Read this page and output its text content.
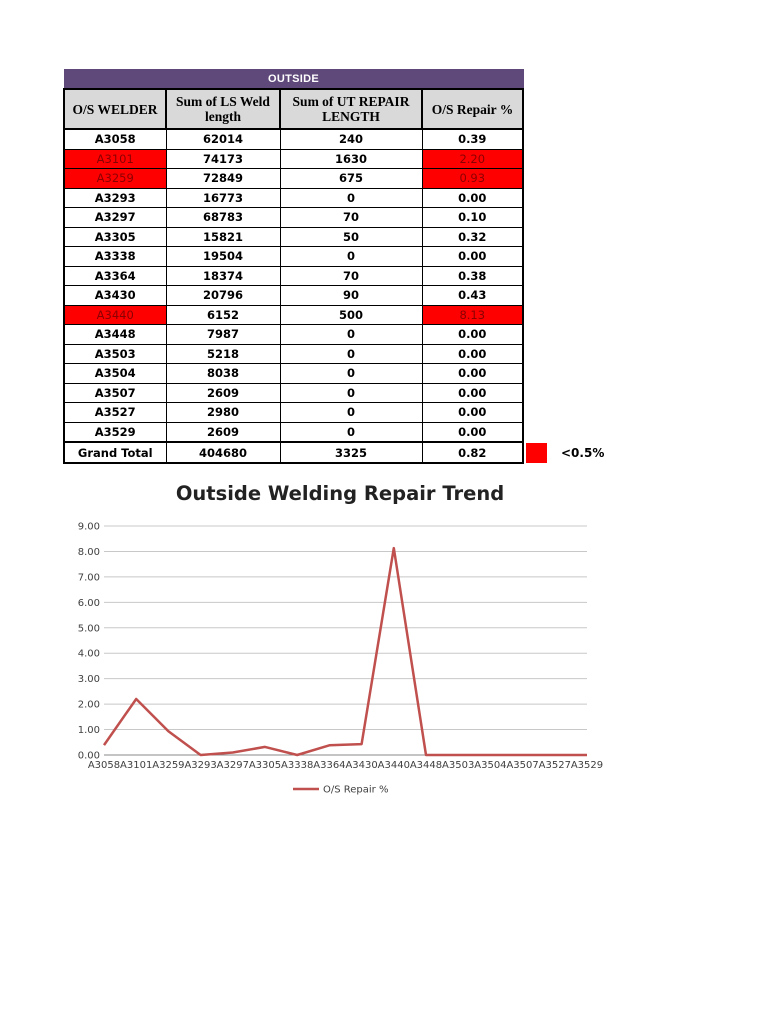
OUTSIDE			
O/S WELDER	Sum of LS Weld length	Sum of UT REPAIR LENGTH	O/S Repair %
A3058	62014	240	0.39
A3101	74173	1630	2.20
A3259	72849	675	0.93
A3293	16773	0	0.00
A3297	68783	70	0.10
A3305	15821	50	0.32
A3338	19504	0	0.00
A3364	18374	70	0.38
A3430	20796	90	0.43
A3440	6152	500	8.13
A3448	7987	0	0.00
A3503	5218	0	0.00
A3504	8038	0	0.00
A3507	2609	0	0.00
A3527	2980	0	0.00
A3529	2609	0	0.00
Grand Total	404680	3325	0.82	<0.5%
Outside Welding Repair Trend
0.00
1.00
2.00
3.00
4.00
5.00
6.00
7.00
8.00
9.00
A3058 A3101 A3259 A3293 A3297 A3305 A3338 A3364 A3430 A3440 A3448 A3503 A3504 A3507 A3527 A3529
O/S Repair %
